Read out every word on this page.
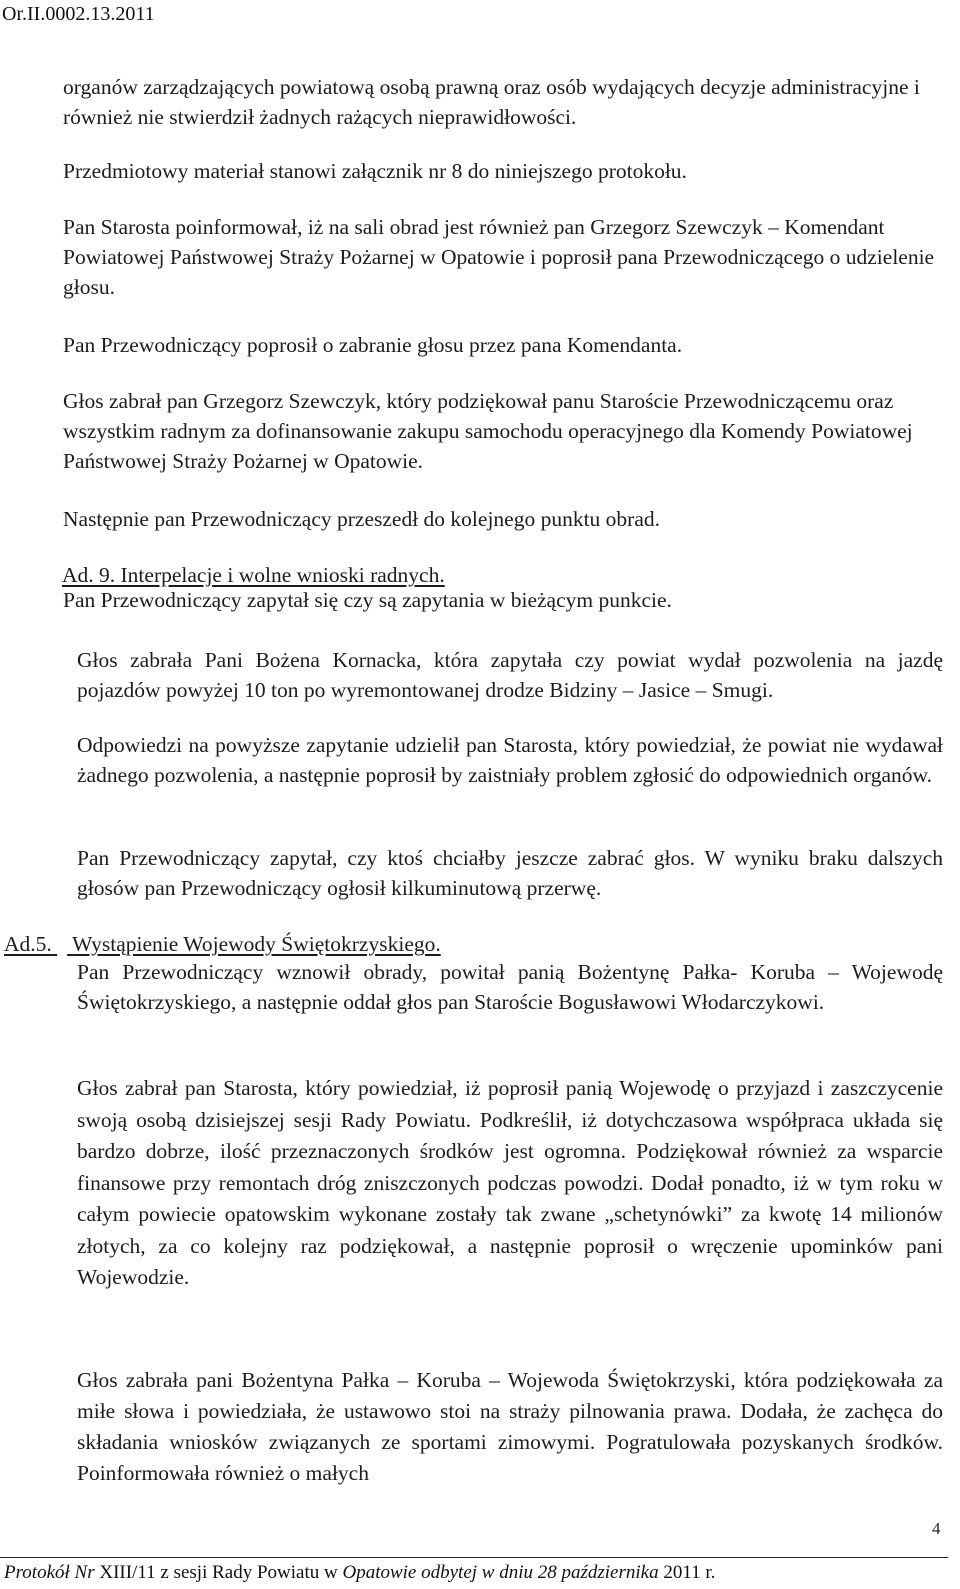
Or.II.0002.13.2011

organów zarządzających powiatową osobą prawną oraz osób wydających decyzje administracyjne i również nie stwierdził żadnych rażących nieprawidłowości.

Przedmiotowy materiał stanowi załącznik nr 8 do niniejszego protokołu.

Pan Starosta poinformował, iż na sali obrad jest również pan Grzegorz Szewczyk – Komendant Powiatowej Państwowej Straży Pożarnej w Opatowie i poprosił pana Przewodniczącego o udzielenie głosu.

Pan Przewodniczący poprosił o zabranie głosu przez pana Komendanta.

Głos zabrał pan Grzegorz Szewczyk, który podziękował panu Staroście Przewodniczącemu oraz wszystkim radnym za dofinansowanie zakupu samochodu operacyjnego dla Komendy Powiatowej Państwowej Straży Pożarnej w Opatowie.

Następnie pan Przewodniczący przeszedł do kolejnego punktu obrad.

Ad. 9. Interpelacje i wolne wnioski radnych.

Pan Przewodniczący zapytał się czy są zapytania w bieżącym punkcie.

Głos zabrała Pani Bożena Kornacka, która zapytała czy powiat wydał pozwolenia na jazdę pojazdów powyżej 10 ton po wyremontowanej drodze Bidziny – Jasice – Smugi.

Odpowiedzi na powyższe zapytanie udzielił pan Starosta, który powiedział, że powiat nie wydawał żadnego pozwolenia, a następnie poprosił by zaistniały problem zgłosić do odpowiednich organów.

Pan Przewodniczący zapytał, czy ktoś chciałby jeszcze zabrać głos. W wyniku braku dalszych głosów pan Przewodniczący ogłosił kilkuminutową przerwę.

Ad.5. Wystąpienie Wojewody Świętokrzyskiego.

Pan Przewodniczący wznowił obrady, powitał panią Bożentynę Pałka- Koruba – Wojewodę Świętokrzyskiego, a następnie oddał głos pan Staroście Bogusławowi Włodarczykowi.

Głos zabrał pan Starosta, który powiedział, iż poprosił panią Wojewodę o przyjazd i zaszczycenie swoją osobą dzisiejszej sesji Rady Powiatu. Podkreślił, iż dotychczasowa współpraca układa się bardzo dobrze, ilość przeznaczonych środków jest ogromna. Podziękował również za wsparcie finansowe przy remontach dróg zniszczonych podczas powodzi. Dodał ponadto, iż w tym roku w całym powiecie opatowskim wykonane zostały tak zwane „schetynówki” za kwotę 14 milionów złotych, za co kolejny raz podziękował, a następnie poprosił o wręczenie upominków pani Wojewodzie.

Głos zabrała pani Bożentyna Pałka – Koruba – Wojewoda Świętokrzyski, która podziękowała za miłe słowa i powiedziała, że ustawowo stoi na straży pilnowania prawa. Dodała, że zachęca do składania wniosków związanych ze sportami zimowymi. Pogratulowała pozyskanych środków. Poinformowała również o małych

4
Protokół Nr XIII/11 z sesji Rady Powiatu w Opatowie odbytej w dniu 28 października 2011 r.
